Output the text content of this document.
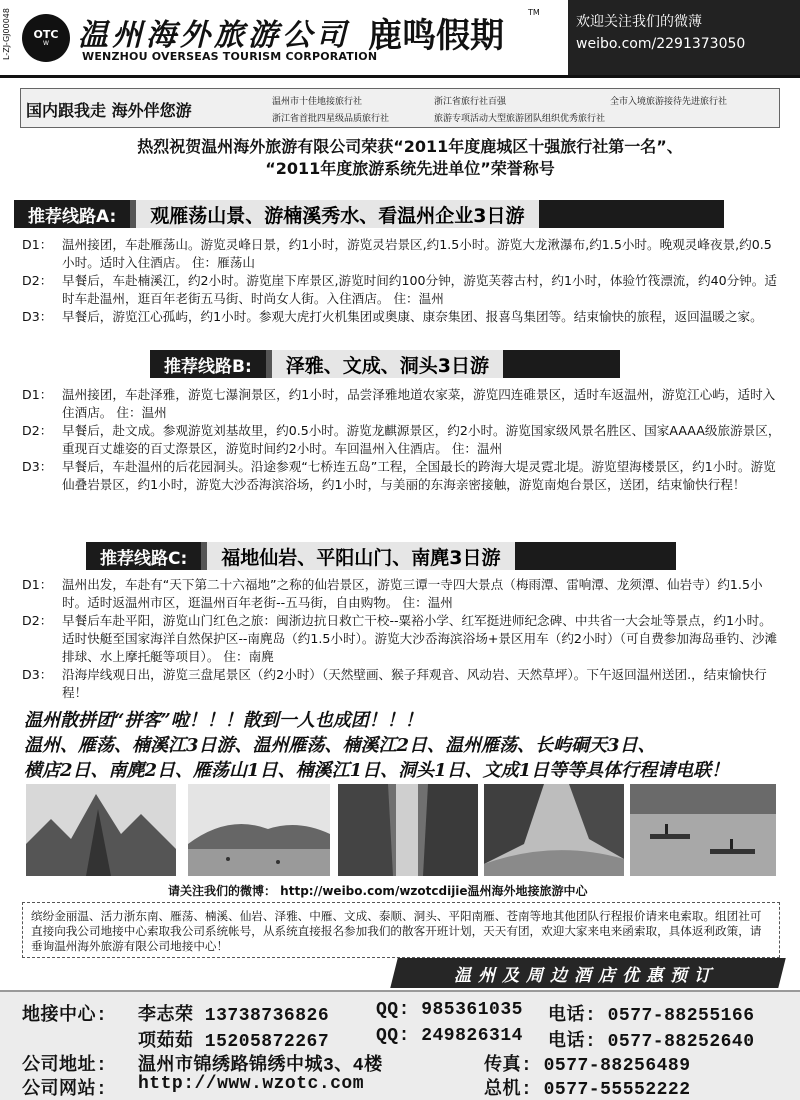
L-ZJ-GJ00048	OTC
W 温州海外旅游公司
WENZHOU OVERSEAS TOURISM CORPORATION
鹿鸣假期
TM
欢迎关注我们的微薄
weibo.com/2291373050
国内跟我走 海外伴您游	温州市十佳地接旅行社	浙江省旅行社百强	全市入境旅游接待先进旅行社
浙江省首批四星级品质旅行社	旅游专项活动大型旅游团队组织优秀旅行社
热烈祝贺温州海外旅游有限公司荣获“2011年度鹿城区十强旅行社第一名”、
“2011年度旅游系统先进单位”荣誉称号
推荐线路A:	观雁荡山景、游楠溪秀水、看温州企业3日游
D1： 温州接团，车赴雁荡山。游览灵峰日景，约1小时，游览灵岩景区,约1.5小时。游览大龙湫瀑布,约1.5小时。晚观灵峰夜景,约0.5小时。适时入住酒店。 住：雁荡山
D2： 早餐后，车赴楠溪江，约2小时。游览崖下库景区,游览时间约100分钟，游览芙蓉古村，约1小时，体验竹筏漂流，约40分钟。适时车赴温州，逛百年老街五马街、时尚女人街。入住酒店。 住：温州
D3： 早餐后，游览江心孤屿，约1小时。参观大虎打火机集团或奥康、康奈集团、报喜鸟集团等。结束愉快的旅程，返回温暖之家。
推荐线路B:	泽雅、文成、洞头3日游
D1： 温州接团，车赴泽雅，游览七瀑涧景区，约1小时，品尝泽雅地道农家菜，游览四连碓景区，适时车返温州，游览江心屿，适时入住酒店。 住：温州
D2： 早餐后，赴文成。参观游览刘基故里，约0.5小时。游览龙麒源景区，约2小时。游览国家级风景名胜区、国家AAAA级旅游景区，重现百丈雄姿的百丈漈景区，游览时间约2小时。车回温州入住酒店。 住：温州
D3： 早餐后，车赴温州的后花园洞头。沿途参观“七桥连五岛”工程，全国最长的跨海大堤灵霓北堤。游览望海楼景区，约1小时。游览仙叠岩景区，约1小时，游览大沙岙海滨浴场，约1小时，与美丽的东海亲密接触，游览南炮台景区，送团，结束愉快行程！
推荐线路C:	福地仙岩、平阳山门、南麂3日游
D1： 温州出发，车赴有“天下第二十六福地”之称的仙岩景区，游览三谭一寺四大景点（梅雨潭、雷响潭、龙须潭、仙岩寺）约1.5小时。适时返温州市区，逛温州百年老街--五马街，自由购物。 住：温州
D2： 早餐后车赴平阳，游览山门红色之旅：闽浙边抗日救亡干校--粟裕小学、红军挺进师纪念碑、中共省一大会址等景点，约1小时。适时快艇至国家海洋自然保护区--南麂岛（约1.5小时）。游览大沙岙海滨浴场+景区用车（约2小时）（可自费参加海岛垂钓、沙滩排球、水上摩托艇等项目）。 住：南麂
D3： 沿海岸线观日出，游览三盘尾景区（约2小时）（天然壁画、猴子拜观音、风动岩、天然草坪）。下午返回温州送团.，结束愉快行程！
温州散拼团“拼客”啦！！！散到一人也成团！！！
温州、雁荡、楠溪江3日游、温州雁荡、楠溪江2日、温州雁荡、长屿硐天3日、
横店2日、南麂2日、雁荡山1日、楠溪江1日、洞头1日、文成1日等等具体行程请电联！
请关注我们的微博： http://weibo.com/wzotcdijie温州海外地接旅游中心
缤纷金丽温、活力浙东南、雁荡、楠溪、仙岩、泽雅、中雁、文成、泰顺、洞头、平阳南雁、苍南等地其他团队行程报价请来电索取。组团社可直接向我公司地接中心索取我公司系统帐号，从系统直接报名参加我们的散客开班计划，天天有团，欢迎大家来电来函索取，具体返利政策，请垂询温州海外旅游有限公司地接中心！
温州及周边酒店优惠预订
地接中心: 李志荣 13738736826	QQ: 985361035 电话: 0577-88255166
项茹茹 15205872267	QQ: 249826314 电话: 0577-88252640
公司地址: 温州市锦绣路锦绣中城3、4楼	传真: 0577-88256489
公司网站: http://www.wzotc.com	总机: 0577-55552222
